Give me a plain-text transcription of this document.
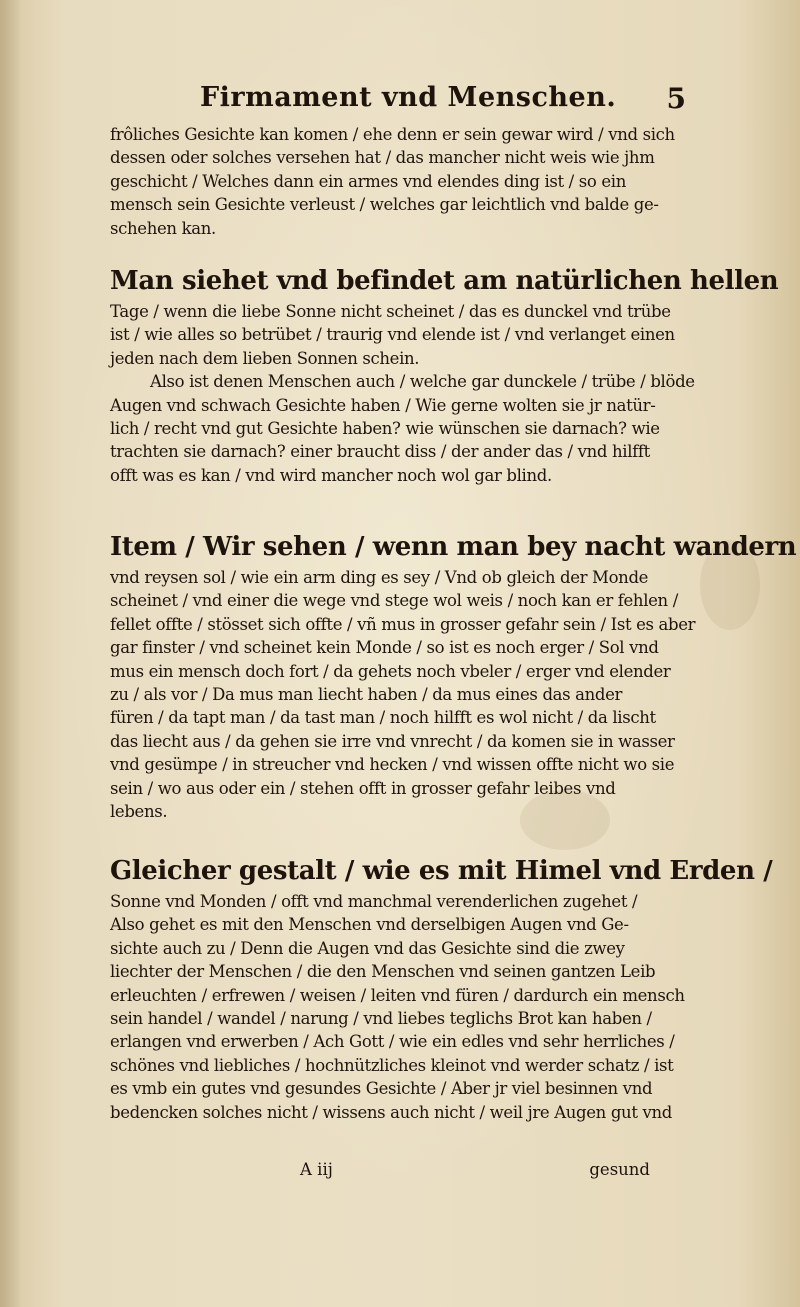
Firmament vnd Menschen. 5
frôliches Gesichte kan komen / ehe denn er sein gewar wird / vnd sich
dessen oder solches versehen hat / das mancher nicht weis wie jhm
geschicht / Welches dann ein armes vnd elendes ding ist / so ein
mensch sein Gesichte verleust / welches gar leichtlich vnd balde ge-
schehen kan.
Man siehet vnd befindet am natürlichen hellen
Tage / wenn die liebe Sonne nicht scheinet / das es dunckel vnd trübe
ist / wie alles so betrübet / traurig vnd elende ist / vnd verlanget einen
jeden nach dem lieben Sonnen schein.
Also ist denen Menschen auch / welche gar dunckele / trübe / blöde
Augen vnd schwach Gesichte haben / Wie gerne wolten sie jr natür-
lich / recht vnd gut Gesichte haben? wie wünschen sie darnach? wie
trachten sie darnach? einer braucht diss / der ander das / vnd hilfft
offt was es kan / vnd wird mancher noch wol gar blind.
Item / Wir sehen / wenn man bey nacht wandern
vnd reysen sol / wie ein arm ding es sey / Vnd ob gleich der Monde
scheinet / vnd einer die wege vnd stege wol weis / noch kan er fehlen /
fellet offte / stösset sich offte / vñ mus in grosser gefahr sein / Ist es aber
gar finster / vnd scheinet kein Monde / so ist es noch erger / Sol vnd
mus ein mensch doch fort / da gehets noch vbeler / erger vnd elender
zu / als vor / Da mus man liecht haben / da mus eines das ander
füren / da tapt man / da tast man / noch hilfft es wol nicht / da lischt
das liecht aus / da gehen sie irre vnd vnrecht / da komen sie in wasser
vnd gesümpe / in streucher vnd hecken / vnd wissen offte nicht wo sie
sein / wo aus oder ein / stehen offt in grosser gefahr leibes vnd
lebens.
Gleicher gestalt / wie es mit Himel vnd Erden /
Sonne vnd Monden / offt vnd manchmal verenderlichen zugehet /
Also gehet es mit den Menschen vnd derselbigen Augen vnd Ge-
sichte auch zu / Denn die Augen vnd das Gesichte sind die zwey
liechter der Menschen / die den Menschen vnd seinen gantzen Leib
erleuchten / erfrewen / weisen / leiten vnd füren / dardurch ein mensch
sein handel / wandel / narung / vnd liebes teglichs Brot kan haben /
erlangen vnd erwerben / Ach Gott / wie ein edles vnd sehr herrliches /
schönes vnd liebliches / hochnützliches kleinot vnd werder schatz / ist
es vmb ein gutes vnd gesundes Gesichte / Aber jr viel besinnen vnd
bedencken solches nicht / wissens auch nicht / weil jre Augen gut vnd
A iij	gesund
